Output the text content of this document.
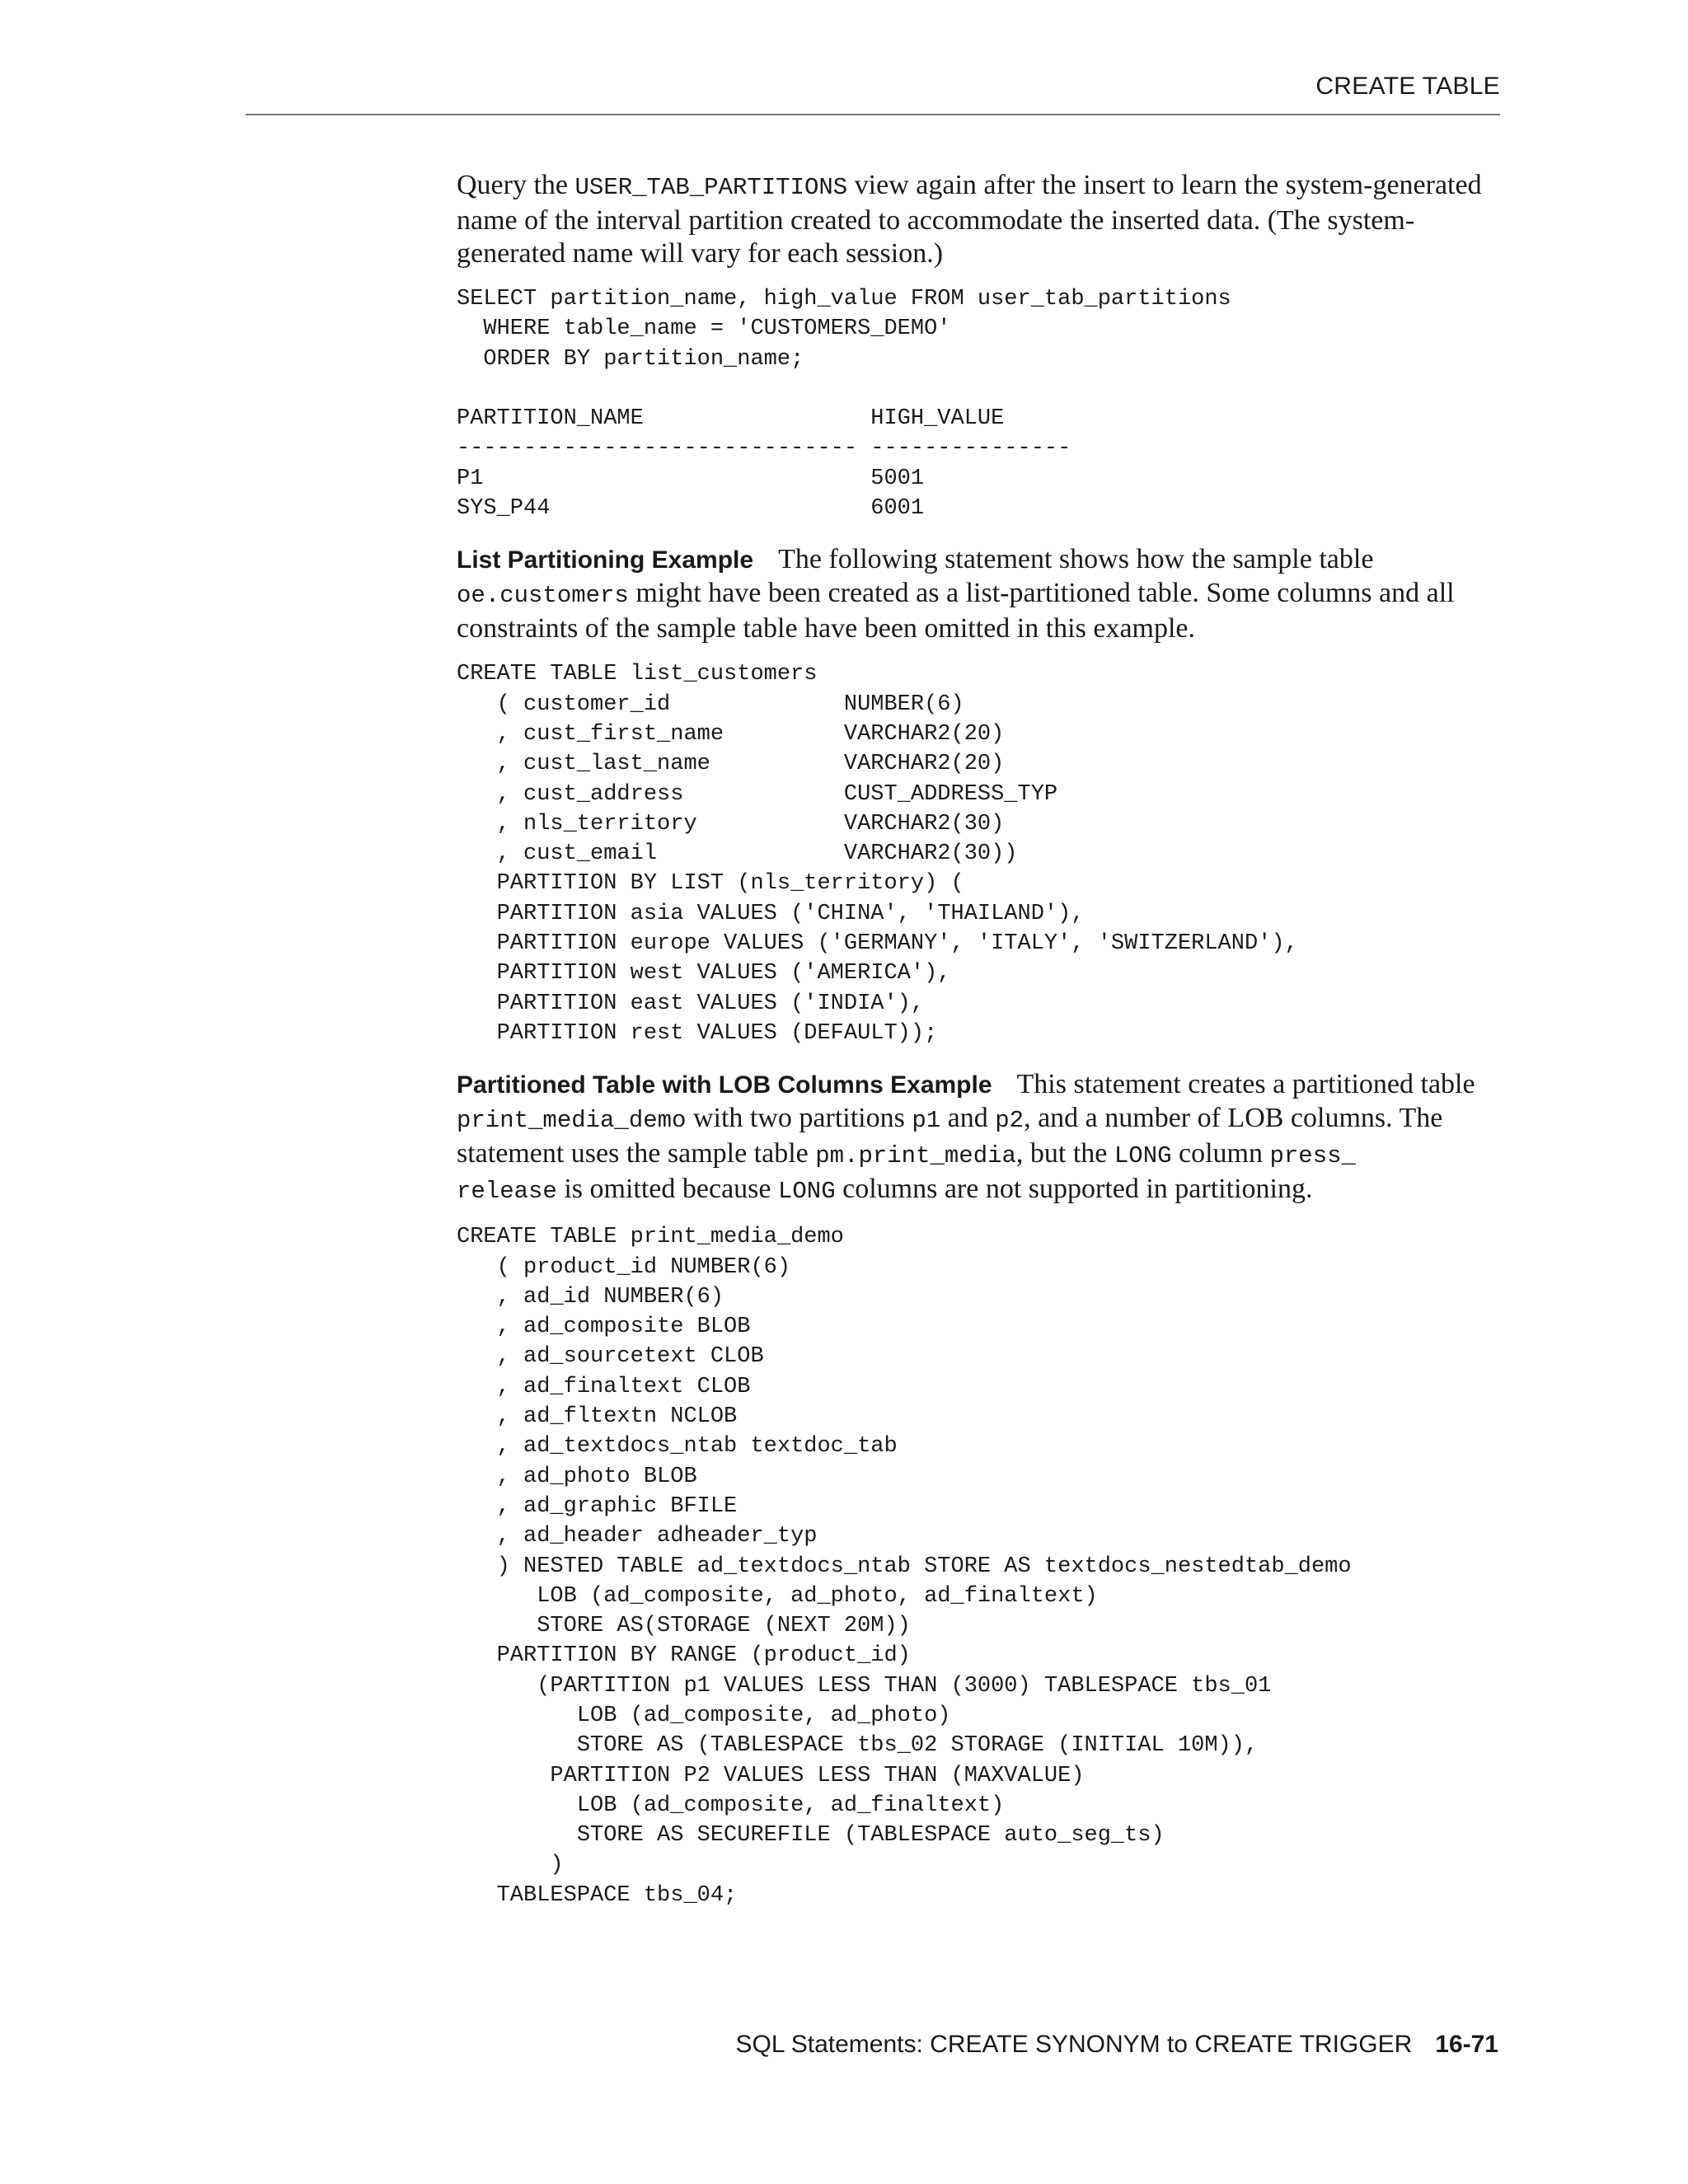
CREATE TABLE

Query the USER_TAB_PARTITIONS view again after the insert to learn the system-generated name of the interval partition created to accommodate the inserted data. (The system-generated name will vary for each session.)

SELECT partition_name, high_value FROM user_tab_partitions
WHERE table_name = 'CUSTOMERS_DEMO'
ORDER BY partition_name;

PARTITION_NAME                 HIGH_VALUE
------------------------------ ---------------
P1                             5001
SYS_P44                        6001

List Partitioning Example The following statement shows how the sample table oe.customers might have been created as a list-partitioned table. Some columns and all constraints of the sample table have been omitted in this example.

CREATE TABLE list_customers
( customer_id             NUMBER(6)
, cust_first_name         VARCHAR2(20)
, cust_last_name          VARCHAR2(20)
, cust_address            CUST_ADDRESS_TYP
, nls_territory           VARCHAR2(30)
, cust_email              VARCHAR2(30))
PARTITION BY LIST (nls_territory) (
PARTITION asia VALUES ('CHINA', 'THAILAND'),
PARTITION europe VALUES ('GERMANY', 'ITALY', 'SWITZERLAND'),
PARTITION west VALUES ('AMERICA'),
PARTITION east VALUES ('INDIA'),
PARTITION rest VALUES (DEFAULT));

Partitioned Table with LOB Columns Example This statement creates a partitioned table print_media_demo with two partitions p1 and p2, and a number of LOB columns. The statement uses the sample table pm.print_media, but the LONG column press_
release is omitted because LONG columns are not supported in partitioning.

CREATE TABLE print_media_demo
( product_id NUMBER(6)
, ad_id NUMBER(6)
, ad_composite BLOB
, ad_sourcetext CLOB
, ad_finaltext CLOB
, ad_fltextn NCLOB
, ad_textdocs_ntab textdoc_tab
, ad_photo BLOB
, ad_graphic BFILE
, ad_header adheader_typ
) NESTED TABLE ad_textdocs_ntab STORE AS textdocs_nestedtab_demo
LOB (ad_composite, ad_photo, ad_finaltext)
STORE AS(STORAGE (NEXT 20M))
PARTITION BY RANGE (product_id)
(PARTITION p1 VALUES LESS THAN (3000) TABLESPACE tbs_01
LOB (ad_composite, ad_photo)
STORE AS (TABLESPACE tbs_02 STORAGE (INITIAL 10M)),
PARTITION P2 VALUES LESS THAN (MAXVALUE)
LOB (ad_composite, ad_finaltext)
STORE AS SECUREFILE (TABLESPACE auto_seg_ts)
)
TABLESPACE tbs_04;
SQL Statements: CREATE SYNONYM to CREATE TRIGGER 16-71
